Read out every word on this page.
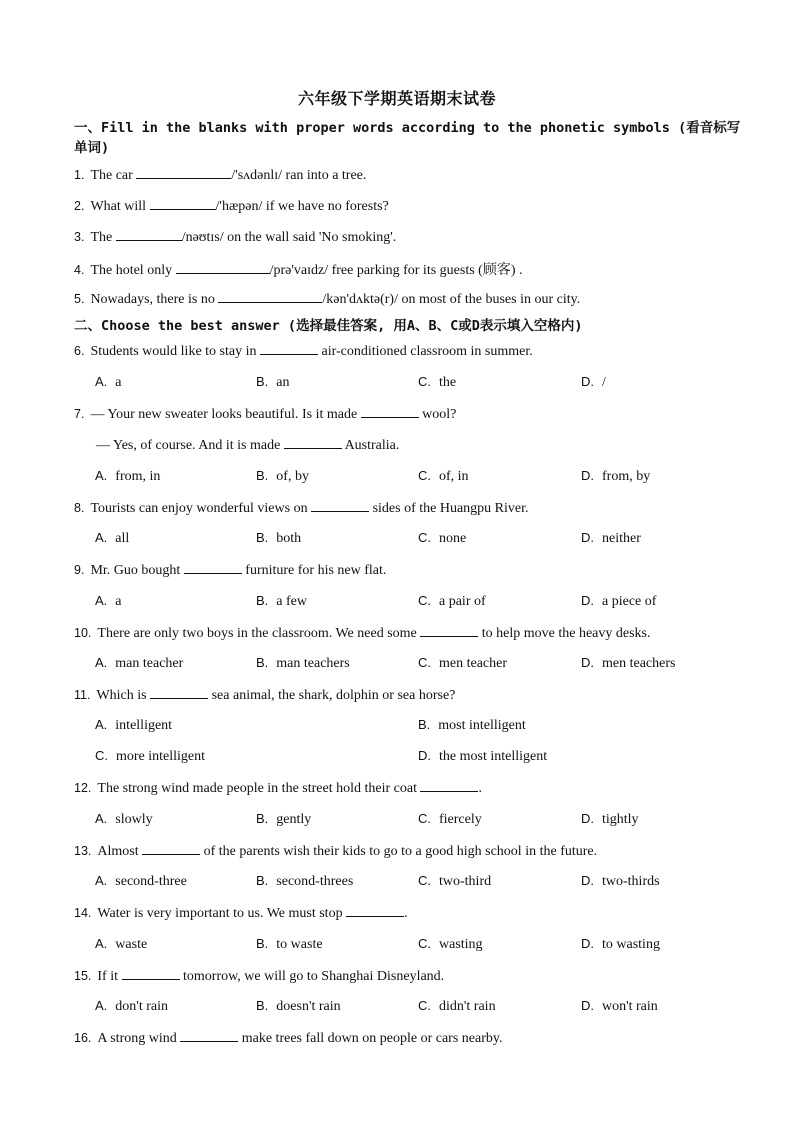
六年级下学期英语期末试卷
一、Fill in the blanks with proper words according to the phonetic symbols (看音标写
单词)
1. The car	/'sʌdənlɪ/ ran into a tree.
2. What will	/'hæpən/ if we have no forests?
3. The	/nəʊtɪs/ on the wall said 'No smoking'.
4. The hotel only	/prə'vaɪdz/ free parking for its guests (顾客) .
5. Nowadays, there is no	/kən'dʌktə(r)/ on most of the buses in our city.
二、Choose the best answer (选择最佳答案, 用A、B、C或D表示填入空格内)
6. Students would like to stay in	air-conditioned classroom in summer.
A. a	B. an	C. the	D. /
7. — Your new sweater looks beautiful. Is it made	wool?
— Yes, of course. And it is made	Australia.
A. from, in	B. of, by	C. of, in	D. from, by
8. Tourists can enjoy wonderful views on	sides of the Huangpu River.
A. all	B. both	C. none	D. neither
9. Mr. Guo bought	furniture for his new flat.
A. a	B. a few	C. a pair of	D. a piece of
10. There are only two boys in the classroom. We need some	to help move the heavy desks.
A. man teacher	B. man teachers	C. men teacher	D. men teachers
11. Which is	sea animal, the shark, dolphin or sea horse?
A. intelligent	B. most intelligent
C. more intelligent	D. the most intelligent
12. The strong wind made people in the street hold their coat	.
A. slowly	B. gently	C. fiercely	D. tightly
13. Almost	of the parents wish their kids to go to a good high school in the future.
A. second-three	B. second-threes	C. two-third	D. two-thirds
14. Water is very important to us. We must stop	.
A. waste	B. to waste	C. wasting	D. to wasting
15. If it	tomorrow, we will go to Shanghai Disneyland.
A. don't rain	B. doesn't rain	C. didn't rain	D. won't rain
16. A strong wind	make trees fall down on people or cars nearby.
